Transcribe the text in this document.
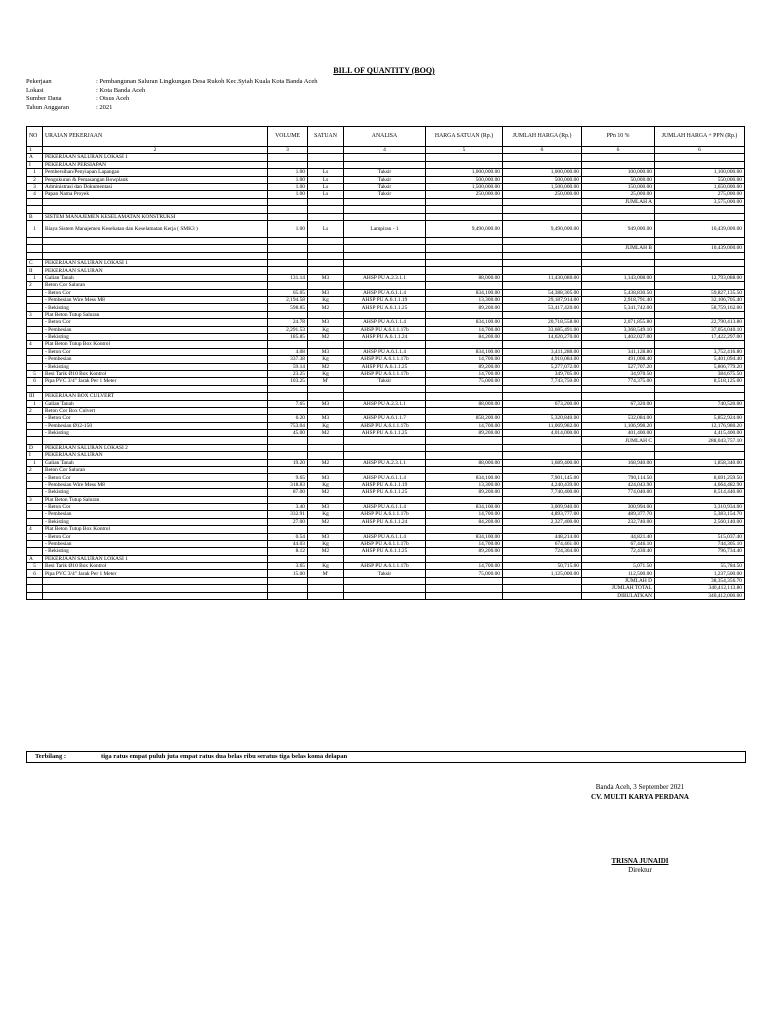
BILL OF QUANTITY (BOQ)
Pekerjaan	: Pembangunan Saluran Lingkungan Desa Rukoh Kec.Syiah Kuala Kota Banda Aceh
Lokasi	: Kota Banda Aceh
Sumber Dana	: Otsus Aceh
Tahun Anggaran	: 2021
NO	URAIAN PEKERJAAN	VOLUME	SATUAN	ANALISA	HARGA SATUAN (Rp.)	JUMLAH HARGA (Rp.)	PPn 10 %	JUMLAH HARGA + PPN (Rp.)
1	2	3		4	5	6	6	6
A	PEKERJAAN SALURAN LOKASI 1							
I	PEKERJAAN PERSIAPAN							
1	Pembersihan/Penyiapan Lapangan	1.00	Ls	Taksir	1,000,000.00	1,000,000.00	100,000.00	1,100,000.00
2	Pengukuran & Pemasangan Bowplank	1.00	Ls	Taksir	500,000.00	500,000.00	50,000.00	550,000.00
3	Administrasi dan Dokumentasi	1.00	Ls	Taksir	1,500,000.00	1,500,000.00	150,000.00	1,650,000.00
4	Papan Nama Proyek	1.00	Ls	Taksir	250,000.00	250,000.00	25,000.00	275,000.00
							JUMLAH A	3,575,000.00

B	SISTEM MANAJEMEN KESELAMATAN KONSTRUKSI							
1	Biaya Sistem Manajemen Kesehatan dan Keselamatan Kerja ( SMK3 )	1.00	Ls	Lampiran - 1	9,490,000.00	9,490,000.00	949,000.00	10,439,000.00

							JUMLAH B	10,439,000.00

C	PEKERJAAN SALURAN LOKASI 1							
II	PEKERJAAN SALURAN							
1	Galian Tanah	131.14	M3	AHSP PU A.2.3.1.1	88,000.00	11,430,080.00	1,143,008.00	12,793,088.00
2	Beton Cor Saluran							
	- Beton Cor	65.05	M3	AHSP PU A.6.1.1.4	834,100.00	54,388,305.00	5,438,830.50	59,827,135.50
	- Pembesian Wire Mess M8	2,194.58	Kg	AHSP PU A.6.1.1.19	13,300.00	29,187,914.00	2,918,791.40	32,106,705.40
	- Bekisting	598.85	M2	AHSP PU A.6.1.1.25	89,200.00	53,417,420.00	5,341,742.00	58,759,162.00
3	Plat Beton Tutup Saluran							
	- Beton Cor	24.78	M3	AHSP PU A.6.1.1.4	834,100.00	20,718,558.00	2,071,855.80	22,790,413.80
	- Pembesian	2,291.53	Kg	AHSP PU A.6.1.1.17b	14,700.00	33,685,491.00	3,368,549.10	37,054,040.10
	- Bekisting	185.85	M2	AHSP PU A.6.1.1.24	84,200.00	14,020,270.00	1,402,027.00	17,422,297.00
4	Plat Beton Tutup Box Kontrol							
	- Beton Cor	4.08	M3	AHSP PU A.6.1.1.4	834,100.00	3,411,288.00	341,128.80	3,752,416.80
	- Pembesian	337.38	Kg	AHSP PU A.6.1.1.17b	14,700.00	4,910,084.00	491,008.40	5,401,094.40
	- Bekisting	59.14	M2	AHSP PU A.6.1.1.25	89,200.00	5,277,072.00	527,707.20	5,806,779.20
5	Besi Tarik Ø10 Box Kontrol	23.25	Kg	AHSP PU A.6.1.1.17b	14,700.00	349,705.00	34,970.50	384,675.50
6	Pipa PVC 3/4" Jarak Per 1 Meter	103.25	M'	Taksir	75,000.00	7,743,750.00	774,375.00	8,518,125.00

III	PEKERJAAN BOX CULVERT							
1	Galian Tanah	7.65	M3	AHSP PU A.2.3.1.1	88,000.00	673,200.00	67,320.00	740,520.00
2	Beton Cor Box Culvert							
	- Beton Cor	6.20	M3	AHSP PU A.6.1.1.7	858,200.00	5,320,840.00	532,084.00	5,852,924.00
	- Pembesian Ø12-150	753.04	Kg	AHSP PU A.6.1.1.17b	14,700.00	11,069,982.00	1,106,998.20	12,176,980.20
	- Bekisting	45.00	M2	AHSP PU A.6.1.1.25	89,200.00	4,014,000.00	401,400.00	4,415,400.00
							JUMLAH C	288,043,757.10
D	PEKERJAAN SALURAN LOKASI 2							
I	PEKERJAAN SALURAN							
1	Galian Tanah	19.20	M2	AHSP PU A.2.3.1.1	88,000.00	1,689,400.00	168,940.00	1,858,340.00
2	Beton Cor Saluran							
	- Beton Cor	9.65	M3	AHSP PU A.6.1.1.4	834,100.00	7,901,145.00	790,114.50	8,691,259.50
	- Pembesian Wire Mess M8	318.83	Kg	AHSP PU A.6.1.1.19	13,300.00	4,240,439.00	424,043.90	4,664,482.90
	- Bekisting	87.00	M2	AHSP PU A.6.1.1.25	89,200.00	7,740,400.00	774,040.00	8,514,440.00
3	Plat Beton Tutup Saluran							
	- Beton Cor	3.40	M3	AHSP PU A.6.1.1.4	834,100.00	3,009,940.00	300,994.00	3,310,934.00
	- Pembesian	332.91	Kg	AHSP PU A.6.1.1.17b	14,700.00	4,893,777.00	489,377.70	5,383,154.70
	- Bekisting	27.00	M2	AHSP PU A.6.1.1.24	84,200.00	2,327,400.00	232,740.00	2,560,140.00
4	Plat Beton Tutup Box Kontrol							
	- Beton Cor	0.54	M3	AHSP PU A.6.1.1.4	834,100.00	448,214.00	44,821.40	515,037.40
	- Pembesian	44.03	Kg	AHSP PU A.6.1.1.17b	14,700.00	674,461.00	67,446.10	744,305.10
	- Bekisting	8.12	M2	AHSP PU A.6.1.1.25	89,200.00	724,304.00	72,430.40	796,734.40
A	PEKERJAAN SALURAN LOKASI 1							
5	Besi Tarik Ø10 Box Kontrol	3.65	Kg	AHSP PU A.6.1.1.17b	14,700.00	50,715.00	5,071.50	55,784.50
6	Pipa PVC 3/4" Jarak Per 1 Meter	15.00	M'	Taksir	75,000.00	1,125,000.00	112,500.00	1,237,500.00
							JUMLAH D	38,354,356.70
							JUMLAH TOTAL	340,412,113.80
							DIBULATKAN	340,412,000.00
Terbilang :	tiga ratus empat puluh juta empat ratus dua belas ribu seratus tiga belas koma delapan
Banda Aceh, 3 September 2021
CV. MULTI KARYA PERDANA
TRISNA JUNAIDI
Direktur
